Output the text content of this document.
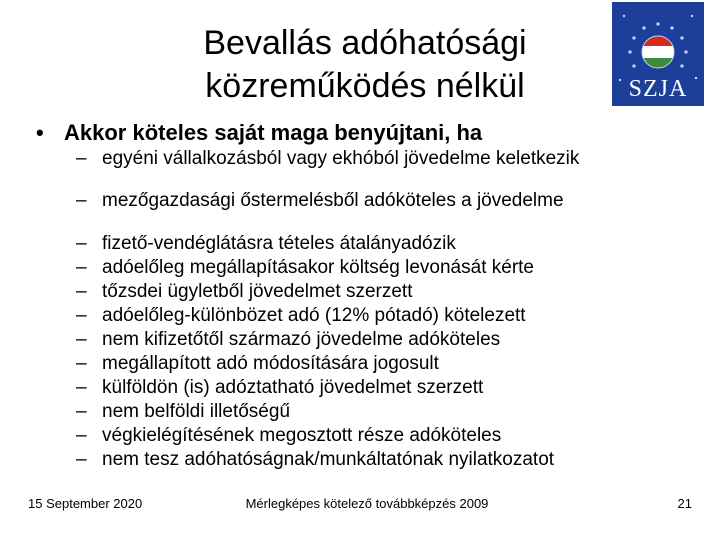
Bevallás adóhatósági
közreműködés nélkül	SZJA
• Akkor köteles saját maga benyújtani, ha
– egyéni vállalkozásból vagy ekhóból jövedelme keletkezik
– mezőgazdasági őstermelésből adóköteles a jövedelme
– fizető-vendéglátásra tételes átalányadózik
– adóelőleg megállapításakor költség levonását kérte
– tőzsdei ügyletből jövedelmet szerzett
– adóelőleg-különbözet adó (12% pótadó) kötelezett
– nem kifizetőtől származó jövedelme adóköteles
– megállapított adó módosítására jogosult
– külföldön (is) adóztatható jövedelmet szerzett
– nem belföldi illetőségű
– végkielégítésének megosztott része adóköteles
– nem tesz adóhatóságnak/munkáltatónak nyilatkozatot
15 September 2020	Mérlegképes kötelező továbbképzés 2009	21
